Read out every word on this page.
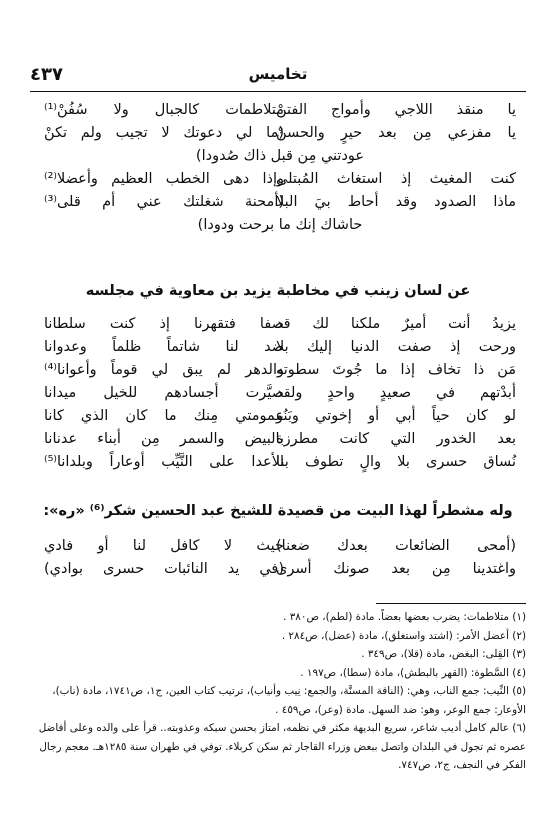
تخاميس
٤٣٧
يا منقذ اللاجي وأمواج الفتنْ
متلاطمات كالجبال ولا سُفُنْ⁽¹⁾
يا مفزعي مِن بعد حيرٍ والحسنْ
(ما لي دعوتك لا تجيب ولم تكنْ
عودتني مِن قبل ذاك صُدودا)
كنت المغيث إذ استغاث المُبتلى
وإذا دهى الخطب العظيم وأعضلا⁽²⁾
ماذا الصدود وقد أحاط بيَ البلا
(أمحنة شغلتك عني أم قلى⁽³⁾
حاشاك إنك ما برحت ودودا)
عن لسان زينب في مخاطبة يزيد بن معاوية في مجلسه
يزيدُ أنت أميرٌ ملكنا لك قد
صفا فتقهرنا إذ كنت سلطانا
ورحت إذ صفت الدنيا إليك بلا
ضد لنا شاتماً ظلماً وعدوانا
مَن ذا تخاف إذا ما جُوتَ سطوته
والدهر لم يبق لي قوماً وأعوانا⁽⁴⁾
أبدْتهم في صعيدٍ واحدٍ ولقد
صيَّرت أجسادهم للخيل ميدانا
لو كان حياً أبي أو إخوتي وبَنُو
عمومتي مِنك ما كان الذي كانا
بعد الخدور التي كانت مطرزة
بالبيض والسمر مِن أبناء عدنانا
نُساق حسرى بلا والٍ تطوف بنا
الأعدا على النَّيِّب أوعاراً وبلدانا⁽⁵⁾
وله مشطراً لهذا البيت من قصيدة للشيخ عبد الحسين شكر⁽⁶⁾ «ره»:
(أمحى الضائعات بعدك ضعنا)
حيث لا كافل لنا أو فادي
واغتدينا مِن بعد صونك أسرى
(في يد النائبات حسرى بوادي)
(١) متلاطمات: يضرب بعضها بعضاً. مادة (لطم)، ص٣٨٠ .
(٢) أعضل الأمر: (اشتد واستغلق)، مادة (عضل)، ص٢٨٤ .
(٣) القِلى: البغض، مادة (قلا)، ص٣٤٩ .
(٤) السَّطوة: (القهر بالبطش)، مادة (سطا)، ص١٩٧ .
(٥) النِّيب: جمع الناب، وهي: (الناقة المسنَّة، والجمع: نِيب وأنياب)، ترتيب كتاب العين، ج١، ص١٧٤١، مادة (ناب)، الأوعار: جمع الوعر، وهو: ضد السهل. مادة (وعر)، ص٤٥٩ .
(٦) عالم كامل أديب شاعر، سريع البديهة مكثر في نظمه، امتاز بحسن سبكه وعذوبته.. قرأ على والده وعلى أفاضل عصره ثم تجول في البلدان واتصل ببعض وزراء القاجار ثم سكن كربلاء. توفي في طهران سنة ١٢٨٥هـ. معجم رجال الفكر في النجف، ج٢، ص٧٤٧.
